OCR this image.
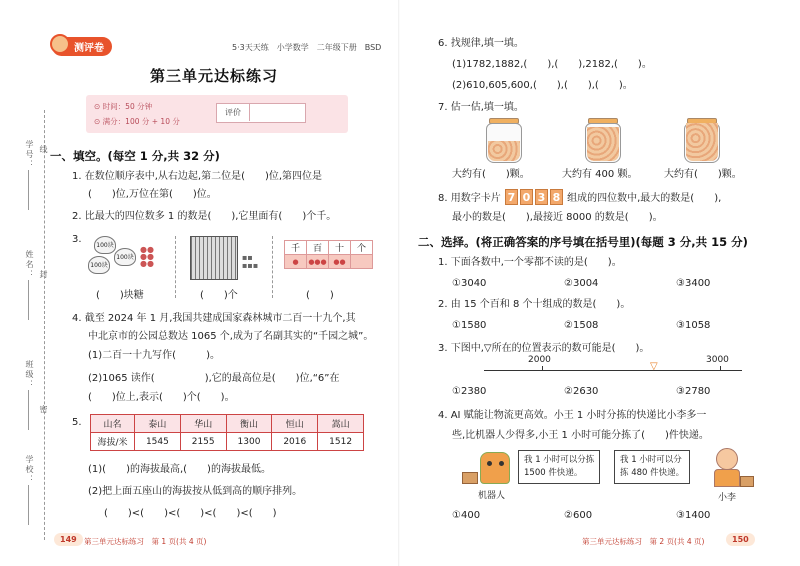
测评卷	5·3天天练　小学数学　二年级下册　BSD
第三单元达标练习
⊙ 时间：50 分钟
⊙ 满分：100 分 + 10 分
评价
学号： 线
姓名： 封
班级：
密
学校：
一、填空。(每空 1 分,共 32 分)
1. 在数位顺序表中,从右边起,第二位是(　　)位,第四位是
(　　)位,万位在第(　　)位。
2. 比最大的四位数多 1 的数是(　　),它里面有(　　)个千。
3.
100块
100块
100块
●●
●●
●●
(　　)块糖
▪▪
▪▪▪
(　　)个
千	百	十	个
●	●●●	●●	
(　　)
4. 截至 2024 年 1 月,我国共建成国家森林城市二百一十九个,其
中北京市的公园总数达 1065 个,成为了名副其实的“千园之城”。
(1)二百一十九写作(　　　)。
(2)1065 读作(　　　　　),它的最高位是(　　)位,“6”在
(　　)位上,表示(　　)个(　　)。
5. 山名	泰山	华山	衡山	恒山	嵩山
海拔/米	1545	2155	1300	2016	1512
(1)(　　)的海拔最高,(　　)的海拔最低。
(2)把上面五座山的海拔按从低到高的顺序排列。
(　　)<(　　)<(　　)<(　　)<(　　)
149 第三单元达标练习　第 1 页(共 4 页)
6. 找规律,填一填。
(1)1782,1882,(　　),(　　),2182,(　　)。
(2)610,605,600,(　　),(　　),(　　)。
7. 估一估,填一填。
大约有(　　)颗。	大约有 400 颗。	大约有(　　)颗。
8. 用数字卡片 7 0 3 8 组成的四位数中,最大的数是(　　),
最小的数是(　　),最接近 8000 的数是(　　)。
二、选择。(将正确答案的序号填在括号里)(每题 3 分,共 15 分)
1. 下面各数中,一个零都不读的是(　　)。
①3040	②3004	③3400
2. 由 15 个百和 8 个十组成的数是(　　)。
①1580	②1508	③1058
3. 下图中,▽所在的位置表示的数可能是(　　)。
2000	3000
▽
①2380	②2630	③2780
4. AI 赋能让物流更高效。小王 1 小时分拣的快递比小李多一
些,比机器人少得多,小王 1 小时可能分拣了(　　)件快递。
我 1 小时可以分拣
1500 件快递。
机器人
我 1 小时可以分
拣 480 件快递。
小李
①400	②600	③1400
第三单元达标练习　第 2 页(共 4 页)	150
